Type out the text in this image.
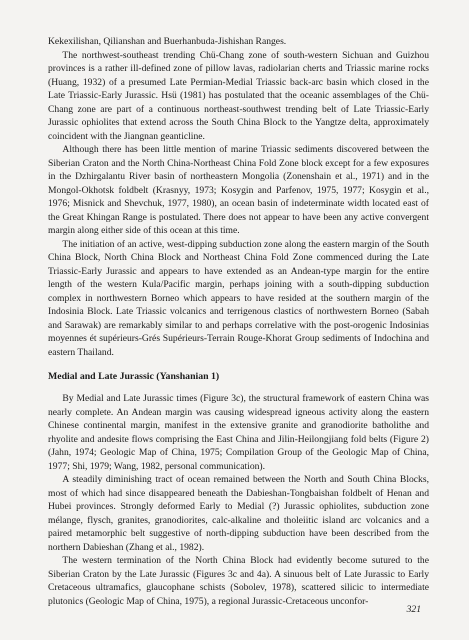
Kekexilishan, Qilianshan and Buerhanbuda-Jishishan Ranges.

The northwest-southeast trending Chü-Chang zone of south-western Sichuan and Guizhou provinces is a rather ill-defined zone of pillow lavas, radiolarian cherts and Triassic marine rocks (Huang, 1932) of a presumed Late Permian-Medial Triassic back-arc basin which closed in the Late Triassic-Early Jurassic. Hsü (1981) has postulated that the oceanic assemblages of the Chü-Chang zone are part of a continuous northeast-southwest trending belt of Late Triassic-Early Jurassic ophiolites that extend across the South China Block to the Yangtze delta, approximately coincident with the Jiangnan geanticline.

Although there has been little mention of marine Triassic sediments discovered between the Siberian Craton and the North China-Northeast China Fold Zone block except for a few exposures in the Dzhirgalantu River basin of northeastern Mongolia (Zonenshain et al., 1971) and in the Mongol-Okhotsk foldbelt (Krasnyy, 1973; Kosygin and Parfenov, 1975, 1977; Kosygin et al., 1976; Misnick and Shevchuk, 1977, 1980), an ocean basin of indeterminate width located east of the Great Khingan Range is postulated. There does not appear to have been any active convergent margin along either side of this ocean at this time.

The initiation of an active, west-dipping subduction zone along the eastern margin of the South China Block, North China Block and Northeast China Fold Zone commenced during the Late Triassic-Early Jurassic and appears to have extended as an Andean-type margin for the entire length of the western Kula/Pacific margin, perhaps joining with a south-dipping subduction complex in northwestern Borneo which appears to have resided at the southern margin of the Indosinia Block. Late Triassic volcanics and terrigenous clastics of northwestern Borneo (Sabah and Sarawak) are remarkably similar to and perhaps correlative with the post-orogenic Indosinias moyennes ét supérieurs-Grés Supérieurs-Terrain Rouge-Khorat Group sediments of Indochina and eastern Thailand.

Medial and Late Jurassic (Yanshanian 1)

By Medial and Late Jurassic times (Figure 3c), the structural framework of eastern China was nearly complete. An Andean margin was causing widespread igneous activity along the eastern Chinese continental margin, manifest in the extensive granite and granodiorite batholithe and rhyolite and andesite flows comprising the East China and Jilin-Heilongjiang fold belts (Figure 2) (Jahn, 1974; Geologic Map of China, 1975; Compilation Group of the Geologic Map of China, 1977; Shi, 1979; Wang, 1982, personal communication).

A steadily diminishing tract of ocean remained between the North and South China Blocks, most of which had since disappeared beneath the Dabieshan-Tongbaishan foldbelt of Henan and Hubei provinces. Strongly deformed Early to Medial (?) Jurassic ophiolites, subduction zone mélange, flysch, granites, granodiorites, calc-alkaline and tholeiitic island arc volcanics and a paired metamorphic belt suggestive of north-dipping subduction have been described from the northern Dabieshan (Zhang et al., 1982).

The western termination of the North China Block had evidently become sutured to the Siberian Craton by the Late Jurassic (Figures 3c and 4a). A sinuous belt of Late Jurassic to Early Cretaceous ultramafics, glaucophane schists (Sobolev, 1978), scattered silicic to intermediate plutonics (Geologic Map of China, 1975), a regional Jurassic-Cretaceous unconfor-

321
